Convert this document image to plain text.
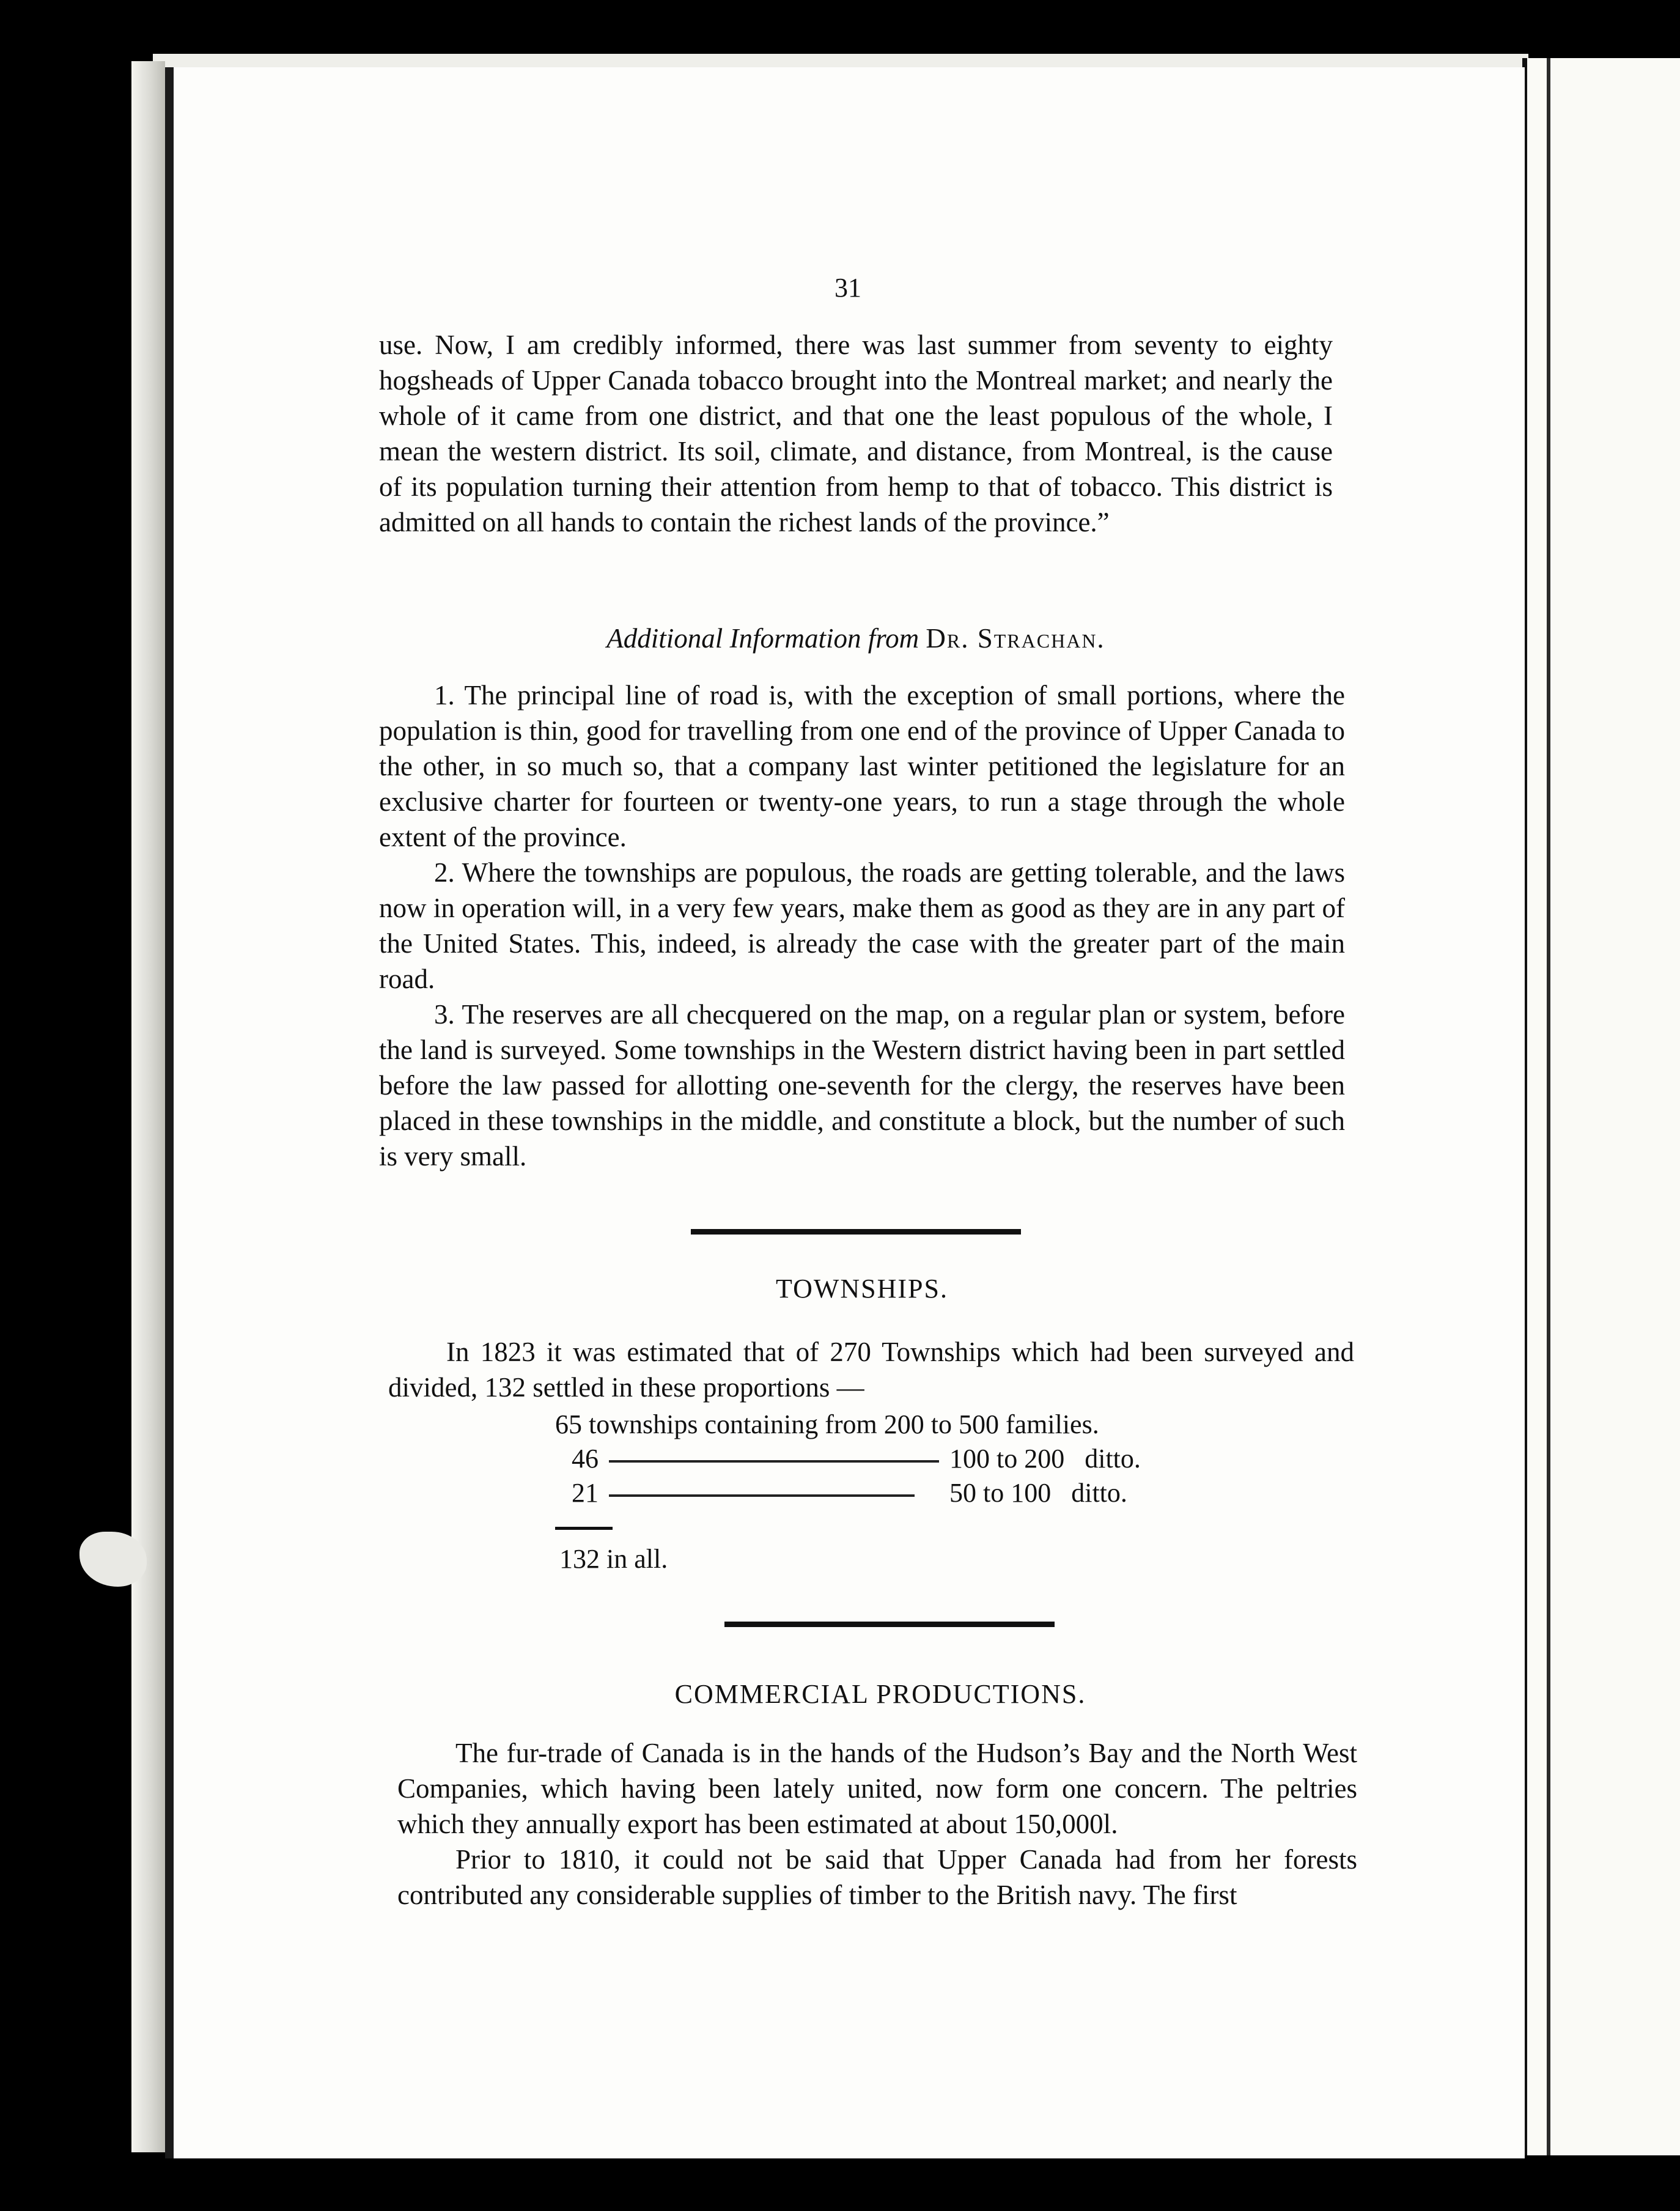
31

use. Now, I am credibly informed, there was last summer from seventy to eighty hogsheads of Upper Canada tobacco brought into the Montreal market; and nearly the whole of it came from one district, and that one the least populous of the whole, I mean the western district. Its soil, climate, and distance, from Montreal, is the cause of its population turning their attention from hemp to that of tobacco. This district is admitted on all hands to contain the richest lands of the province.”

Additional Information from Dr. Strachan.

1. The principal line of road is, with the exception of small portions, where the population is thin, good for travelling from one end of the province of Upper Canada to the other, in so much so, that a company last winter petitioned the legislature for an exclusive charter for fourteen or twenty-one years, to run a stage through the whole extent of the province.

2. Where the townships are populous, the roads are getting tolerable, and the laws now in operation will, in a very few years, make them as good as they are in any part of the United States. This, indeed, is already the case with the greater part of the main road.

3. The reserves are all checquered on the map, on a regular plan or system, before the land is surveyed. Some townships in the Western district having been in part settled before the law passed for allotting one-seventh for the clergy, the reserves have been placed in these townships in the middle, and constitute a block, but the number of such is very small.

TOWNSHIPS.

In 1823 it was estimated that of 270 Townships which had been surveyed and divided, 132 settled in these proportions —

65 townships containing from 200 to 500 families.
46	100 to 200 ditto.
21	50 to 100 ditto.
132 in all.
COMMERCIAL PRODUCTIONS.

The fur-trade of Canada is in the hands of the Hudson’s Bay and the North West Companies, which having been lately united, now form one concern. The peltries which they annually export has been estimated at about 150,000l.

Prior to 1810, it could not be said that Upper Canada had from her forests contributed any considerable supplies of timber to the British navy. The first
